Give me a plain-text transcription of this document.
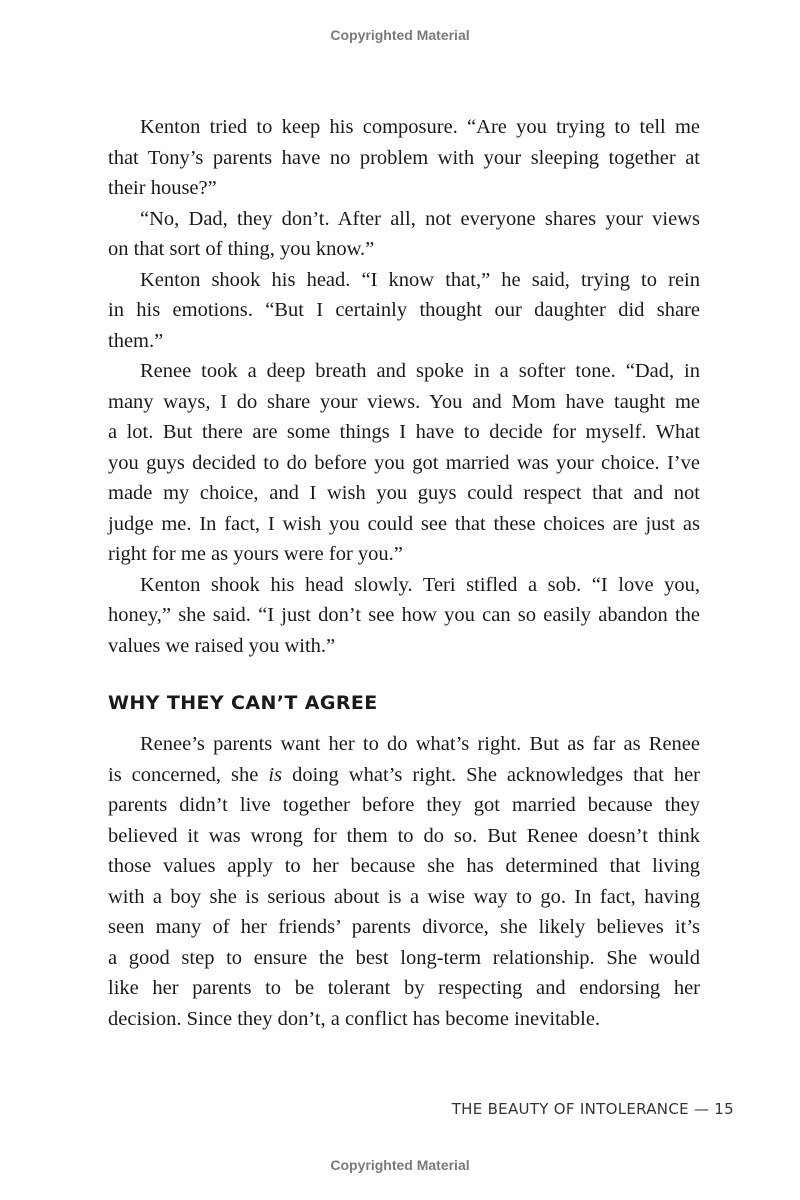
Copyrighted Material
Kenton tried to keep his composure. “Are you trying to tell me
that Tony’s parents have no problem with your sleeping together at
their house?”
“No, Dad, they don’t. After all, not everyone shares your views
on that sort of thing, you know.”
Kenton shook his head. “I know that,” he said, trying to rein
in his emotions. “But I certainly thought our daughter did share
them.”
Renee took a deep breath and spoke in a softer tone. “Dad, in
many ways, I do share your views. You and Mom have taught me
a lot. But there are some things I have to decide for myself. What
you guys decided to do before you got married was your choice. I’ve
made my choice, and I wish you guys could respect that and not
judge me. In fact, I wish you could see that these choices are just as
right for me as yours were for you.”
Kenton shook his head slowly. Teri stifled a sob. “I love you,
honey,” she said. “I just don’t see how you can so easily abandon the
values we raised you with.”
WHY THEY CAN’T AGREE
Renee’s parents want her to do what’s right. But as far as Renee
is concerned, she is doing what’s right. She acknowledges that her
parents didn’t live together before they got married because they
believed it was wrong for them to do so. But Renee doesn’t think
those values apply to her because she has determined that living
with a boy she is serious about is a wise way to go. In fact, having
seen many of her friends’ parents divorce, she likely believes it’s
a good step to ensure the best long-term relationship. She would
like her parents to be tolerant by respecting and endorsing her
decision. Since they don’t, a conflict has become inevitable.
THE BEAUTY OF INTOLERANCE — 15
Copyrighted Material
